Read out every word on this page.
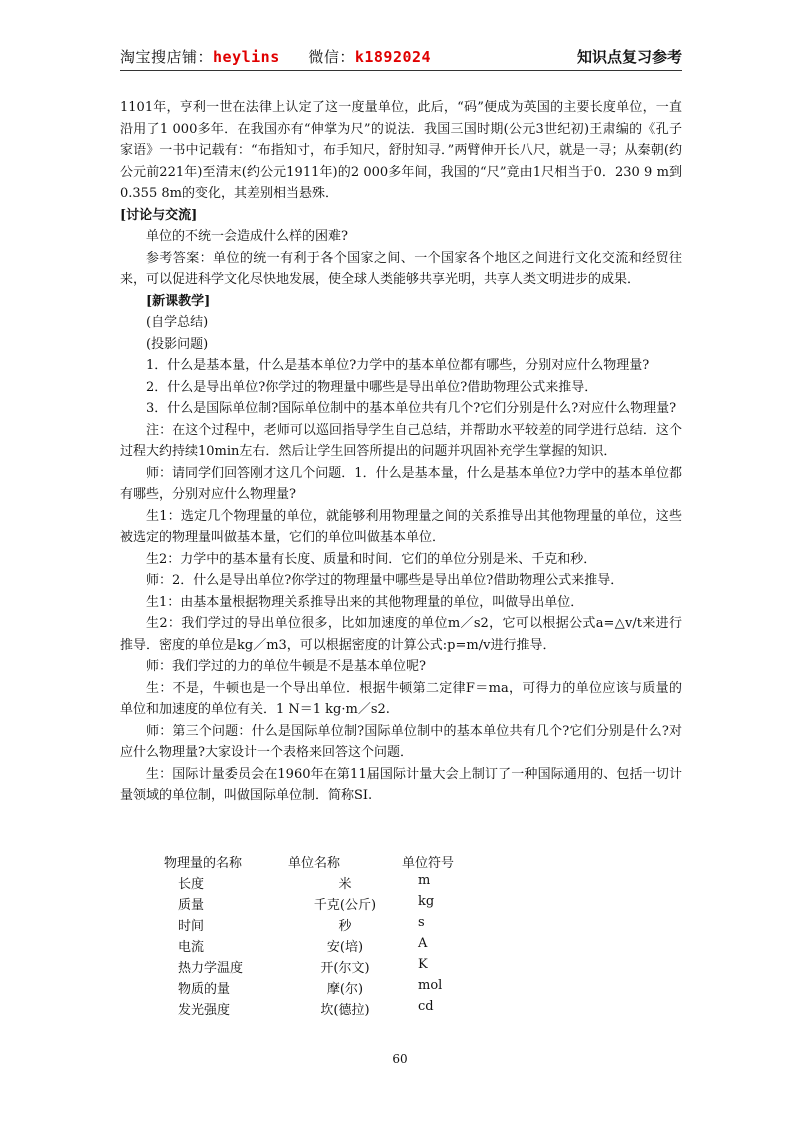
淘宝搜店铺：heylins 微信：k1892024	知识点复习参考

1101年，亨利一世在法律上认定了这一度量单位，此后，“码”便成为英国的主要长度单位，一直沿用了1 000多年．在我国亦有“伸掌为尺”的说法．我国三国时期(公元3世纪初)王肃编的《孔子家语》一书中记载有：“布指知寸，布手知尺，舒肘知寻．”两臂伸开长八尺，就是一寻；从秦朝(约公元前221年)至清末(约公元1911年)的2 000多年间，我国的“尺”竟由1尺相当于0．230 9 m到0.355 8m的变化，其差别相当悬殊．

[讨论与交流]

单位的不统一会造成什么样的困难?

参考答案：单位的统一有利于各个国家之间、一个国家各个地区之间进行文化交流和经贸往来，可以促进科学文化尽快地发展，使全球人类能够共享光明，共享人类文明进步的成果．

[新课教学]

(自学总结)

(投影问题)

1．什么是基本量，什么是基本单位?力学中的基本单位都有哪些，分别对应什么物理量?

2．什么是导出单位?你学过的物理量中哪些是导出单位?借助物理公式来推导．

3．什么是国际单位制?国际单位制中的基本单位共有几个?它们分别是什么?对应什么物理量?

注：在这个过程中，老师可以巡回指导学生自己总结，并帮助水平较差的同学进行总结．这个过程大约持续10min左右．然后让学生回答所提出的问题并巩固补充学生掌握的知识．

师：请同学们回答刚才这几个问题．1．什么是基本量，什么是基本单位?力学中的基本单位都有哪些，分别对应什么物理量?

生1：选定几个物理量的单位，就能够利用物理量之间的关系推导出其他物理量的单位，这些被选定的物理量叫做基本量，它们的单位叫做基本单位．

生2：力学中的基本量有长度、质量和时间．它们的单位分别是米、千克和秒．

师：2．什么是导出单位?你学过的物理量中哪些是导出单位?借助物理公式来推导．

生1：由基本量根据物理关系推导出来的其他物理量的单位，叫做导出单位．

生2：我们学过的导出单位很多，比如加速度的单位m／s2，它可以根据公式a=△v/t来进行推导．密度的单位是kg／m3，可以根据密度的计算公式:p=m/v进行推导．

师：我们学过的力的单位牛顿是不是基本单位呢?

生：不是，牛顿也是一个导出单位．根据牛顿第二定律F＝ma，可得力的单位应该与质量的单位和加速度的单位有关．1 N＝1 kg·m／s2.

师：第三个问题：什么是国际单位制?国际单位制中的基本单位共有几个?它们分别是什么?对应什么物理量?大家设计一个表格来回答这个问题．

生：国际计量委员会在1960年在第11届国际计量大会上制订了一种国际通用的、包括一切计量领域的单位制，叫做国际单位制．简称SI.

物理量的名称	单位名称	单位符号
长度	米	m
质量	千克(公斤)	kg
时间	秒	s
电流	安(培)	A
热力学温度	开(尔文)	K
物质的量	摩(尔)	mol
发光强度	坎(德拉)	cd
60
